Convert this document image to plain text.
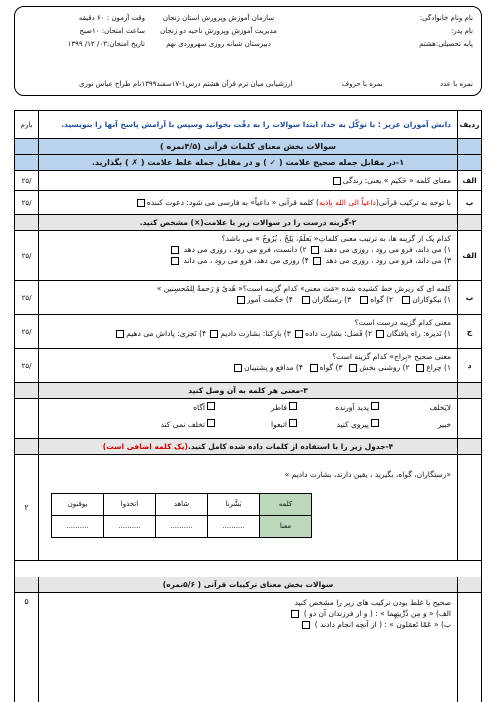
نام ونام خانوادگی:
نام پدر:
پایه تحصیلی:هشتم
سازمان آموزش وپرورش استان زنجان
مدیریت آموزش وپرورش ناحیه دو زنجان
دبیرستان شبانه روزی سهروردی نهم
وقت آزمون : ۶۰ دقیقه
ساعت امتحان: ۱۰صبح
تاریخ امتحان:۰۳/ ۱۲/ ۱۳۹۹
نمره با عدد نمره با حروف ارزشیابی میان ترم قرآن هشتم درس۱-۱۷سفند۱۳۹۹نام طراح عباس نوری
ردیف
دانش آموزان عزیز : با توکّل به خدا، ابتدا سوالات را به دقّت بخوانید وسپس با آرامش پاسخ آنها را بنویسید.
بارم
سوالات بخش معنای کلمات قرآنی (۴/۵نمره )
۱-در مقابل جمله صحیح علامت ( ✓ ) و در مقابل جمله غلط علامت ( ✗ ) بگذارید.
الف
معنای کلمه « حَکیم » یعنی: زندگی
/۲۵
ب
با توجه به ترکیب قرآنی(
داعیاً الی الله بِاِذنِه
) کلمه قرآنی « داعیاً» به فارسی می شود: دعوت کننده
/۲۵
۲-گزینه درست را در سوالات زیر با علامت(×) مشخص کنید.
الف
کدام یک از گزینه ها، به ترتیب معنی کلماتِ« یَعلَمُ، یَلِجُ ، بُرُوجٌ » می باشد؟
۱) می داند، فرو می رود ، روزی می دهند  ۲) دانست، فرو می رود ، روزی می دهد
۳) می داند، فرو می رود ، روزی می دهد  ۴) روزی می دهد، فرو می رود ، می داند
/۲۵
ب
کلمه ای که زیرش خط کشیده شده «مَث معنی» کدام گزینه است؟« هُدیً وَ رَحمةً لِلمُحسِنین »
۱) نیکوکاران   ۲) گواه   ۳) رستگاران   ۴) حکمت آموز
/۲۵
ج
معنی کدام گزینه درست است؟
۱) نَذیرة: راه یافتگان ۲) فَضل: بشارت داده ۳) بارِکنا: بشارت دادیم ۴) نَجزی: پاداش می دهیم
/۲۵
د
معنی صحیح «بِراج» کدام گزینه است؟
۱) چراغ  ۲) روشنی بخش  ۳) گواه  ۴) مدافع و پشتیبان
/۲۵
۳-معنی هر کلمه به آن وصل کنید
لایَخلف
پدید آورنده
فاطر
آگاه
خبیر
پیروی کنید
اتبعوا
تخلف نمی کند
۴-جدول زیر را با استفاده از کلمات داده شده کامل کنید.
(یک کلمه اضافی است)
«رستگاران، گواه، بگیرید ، یقین دارند، بشارت دادیم »
کلمه	بَشَّرنا	شاهد	اتخذوا	یوقنون
معنا	..........	..........	..........	..........
۲
سوالات بخش معنای ترکیبات قرآنی ( ۵/۶نمره)
صحیح یا غلط بودن ترکیب های زیر را مشخص کنید
الف) « و مِن ذُرِّیتِهِما » : ( و از فرزندان آن دو )
ب) « عَمّا تَعمَلون » : ( از آنچه انجام دادند )
۵
